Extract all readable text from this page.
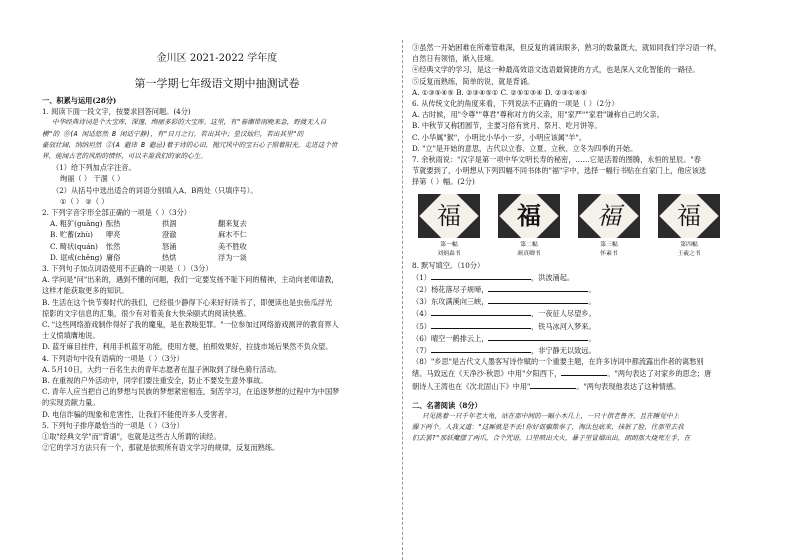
金川区 2021-2022 学年度
第一学期七年级语文期中抽测试卷
一、积累与运用(28分)
1. 阅读下面一段文字，按要求回答问题。(4分)
中华经典诗词是个大宝库，深邃、绚丽多彩的大宝库。这里，有"春潮带雨晚来急，野渡无人自
横"的 ⓪(A 闲适悠然 B 闲适宁静)，有"日月之行，若出其中；星汉灿烂，若出其里"的
豪放壮阔，纳纳坦然 ②(A 避讳 B 避忌)着于诗的心田，抛冗风中的宝石心子照着阳光。走进这个世
界，能闻古老的风韵的情怀，可以丰盈我们的家的心生。
（1）给下列加点字注音。
绚丽（ ） 干涸（ ）
（2）从括号中选出适合的词语分别填入A、B两处（只填序号）。
①（ ） ②（ ）
2. 下列字音字形全部正确的一项是（ ）（3分）
A. 粗犷(guāng) 酝热	拱涸	翻来复去
B. 贮蓄(zhù)	咿亮	澄澈	麻木不仁
C. 畸状(quán)	怅然	怒涌	美不胜收
D. 诓戒(chěng) 庸俗	热烘	浮为一谈
3. 下列句子加点词语使用不正确的一项是（ ）（3分）
A. 学问是"问"出来的，遇到不懂的问题，我们一定要发扬不耻下问的精神，主动向老师请教，
这样才能获取更多的知识。
B. 生活在这个快节奏时代的我们，已经很少静得下心来好好读书了，即便读也是虫鱼瓜浮光
掠影的文字信息的汇集，很少有对着美食大快朵颐式的阅读快感。
C. "这些网络游戏制作得好了我的魔鬼，是在教唆犯罪。"一位参加过网络游戏测评的教育界人
士义愤填膺地说。
D. 蓝牙麻目挂件，利用手机蓝牙功能，使用方便，拍照效果好，拉拢市场后果然不负众望。
4. 下列语句中没有语病的一项是（ ）（3分）
A. 5月10日，大约一百名生去的青年志愿者在温子洲取到了绿色骑行活动。
B. 在重视的户外活动中，同学们要注重安全，防止不要发生意外事故。
C. 青年人应当把自己的梦想与民族的梦想紧密相连，刻苦学习，在追逐梦想的过程中为中国梦
的实现贡献力量。
D. 电信诈骗的现象和危害性，让我们不能使许多人受害者。
5. 下列句子排序最恰当的一项是（ ）（3分）
①取"经典文学"而"背诵"，也就是这些古人所谓的读经。
②它的学习方法只有一个，那就是依照所有语文学习的规律，反复而熟练。
③虽然一开始困难在所难管难深，但反复的诵读眼多，熟习的数量既大，就如同我们学习语一样，
自然日有领悟，渐入佳境。
④经典文学的学习，是这一种最高效语文选语最简捷的方式，也是深入文化智能的一路径。
⑤反复而熟练，简单的说，就是背诵。
A. ①③⑤④⑤ B. ②③④⑤① C. ②⑤①③④ D. ②③①④⑤
6. 从传统文化的角度来看，下列说法不正确的一项是（ ）（2分）
A. 古时候，用"令尊""尊君"尊称对方的父亲，用"家严""家君"谦称自己的父亲。
B. 中秋节又称团圆节，主要习俗有赏月、祭月、吃月饼等。
C. 小华属"猴"，小明比小华小一岁，小明应该属"羊"。
D. "立"是开始的意思，古代以立春、立夏、立秋、立冬为四季的开始。
7. 余秋雨说："汉字是第一项中华文明长寿的秘密，……它是活着的图腾，永恒的星辰。"春
节就要到了，小明想从下列四幅不同书体的"福"字中，选择一幅行书贴在自家门上，他应该选
择第（ ）幅。(2分)
福
第一幅
刘炳森书
福
第二幅
颜真卿书
福
第三幅
怀素书
福
第四幅
王羲之书
8. 默写填空。（10分）
（1）	，洪波涌起。
（2）杨花落尽子规啼，	。
（3）东攻满溪向三峡，	。
（4）	，一夜征人尽望乡。
（5）	，铁马冰河入梦来。
（6）晴空一鹤排云上，	。
（7）	，非宁静无以致远。
（8）"乡思"是古代文人墨客写诗作赋的一个重要主题，在许多诗词中都流露出作者的离愁别
绪。马致远在《天净沙·秋思》中用"夕阳西下，	。"两句表达了对家乡的思念；唐
朝诗人王湾也在《次北固山下》中用"	。"两句表现他表达了这种情感。
二、名著阅读（8分）
只见挑着一只千年老大龟，站在那中间的一幅小木几上，一只十指老鲁齐，且在睡觉中上
臊下两个。人我又道："这厮就是不丢!你好诓骗欺奉了，淘汰包底来，抹脏了脸，往那里去我
们去罢?"那妖魔摆了两爪，合个咒语，口里喷出大火，暴子里冒烟出出，朗朗那大烧死左手，在
